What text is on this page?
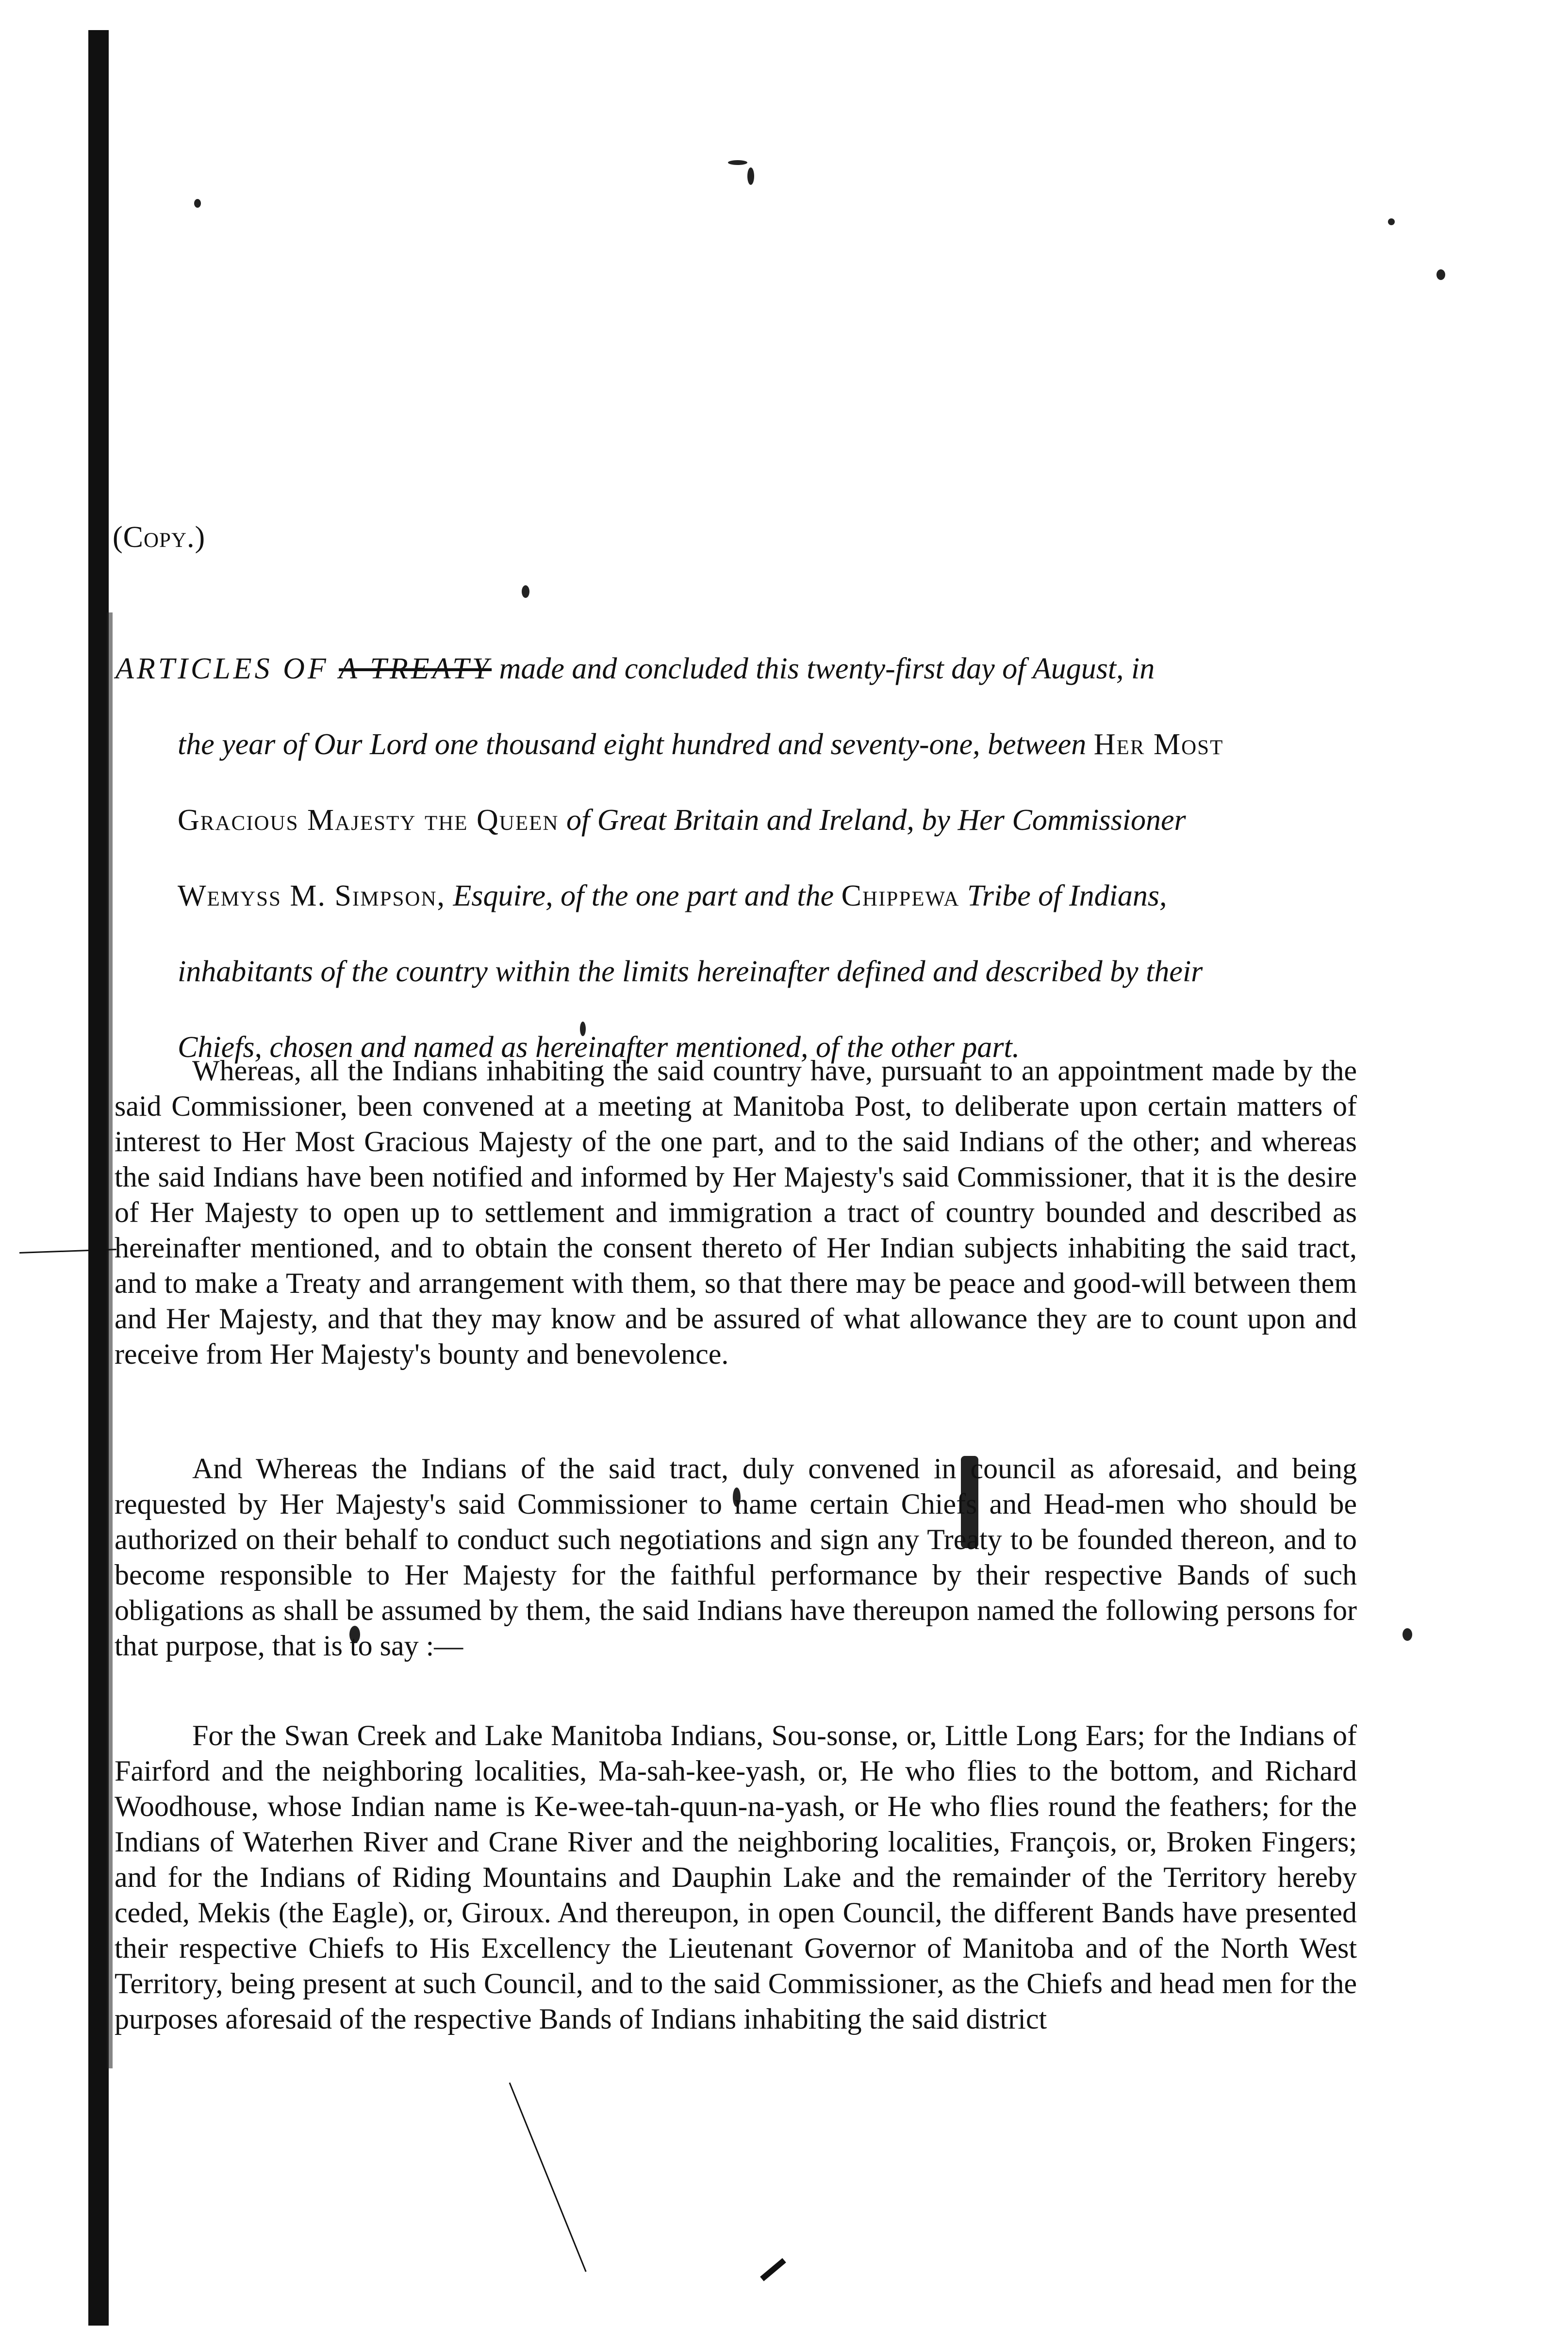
(Copy.)
ARTICLES OF A TREATY made and concluded this twenty-first day of August, in
the year of Our Lord one thousand eight hundred and seventy-one, between Her Most
Gracious Majesty the Queen of Great Britain and Ireland, by Her Commissioner
Wemyss M. Simpson, Esquire, of the one part and the Chippewa Tribe of Indians,
inhabitants of the country within the limits hereinafter defined and described by their
Chiefs, chosen and named as hereinafter mentioned, of the other part.

Whereas, all the Indians inhabiting the said country have, pursuant to an appointment made by the said Commissioner, been convened at a meeting at Manitoba Post, to deliberate upon certain matters of interest to Her Most Gracious Majesty of the one part, and to the said Indians of the other; and whereas the said Indians have been notified and informed by Her Majesty's said Commissioner, that it is the desire of Her Majesty to open up to settlement and immigration a tract of country bounded and described as hereinafter mentioned, and to obtain the consent thereto of Her Indian subjects inhabiting the said tract, and to make a Treaty and arrangement with them, so that there may be peace and good-will between them and Her Majesty, and that they may know and be assured of what allowance they are to count upon and receive from Her Majesty's bounty and benevolence.

And Whereas the Indians of the said tract, duly convened in council as aforesaid, and being requested by Her Majesty's said Commissioner to name certain Chiefs and Head-men who should be authorized on their behalf to conduct such negotiations and sign any Treaty to be founded thereon, and to become responsible to Her Majesty for the faithful performance by their respective Bands of such obligations as shall be assumed by them, the said Indians have thereupon named the following persons for that purpose, that is to say :—

For the Swan Creek and Lake Manitoba Indians, Sou-sonse, or, Little Long Ears; for the Indians of Fairford and the neighboring localities, Ma-sah-kee-yash, or, He who flies to the bottom, and Richard Woodhouse, whose Indian name is Ke-wee-tah-quun-na-yash, or He who flies round the feathers; for the Indians of Waterhen River and Crane River and the neighboring localities, François, or, Broken Fingers; and for the Indians of Riding Mountains and Dauphin Lake and the remainder of the Territory hereby ceded, Mekis (the Eagle), or, Giroux. And thereupon, in open Council, the different Bands have presented their respective Chiefs to His Excellency the Lieutenant Governor of Manitoba and of the North West Territory, being present at such Council, and to the said Commissioner, as the Chiefs and head men for the purposes aforesaid of the respective Bands of Indians inhabiting the said district
